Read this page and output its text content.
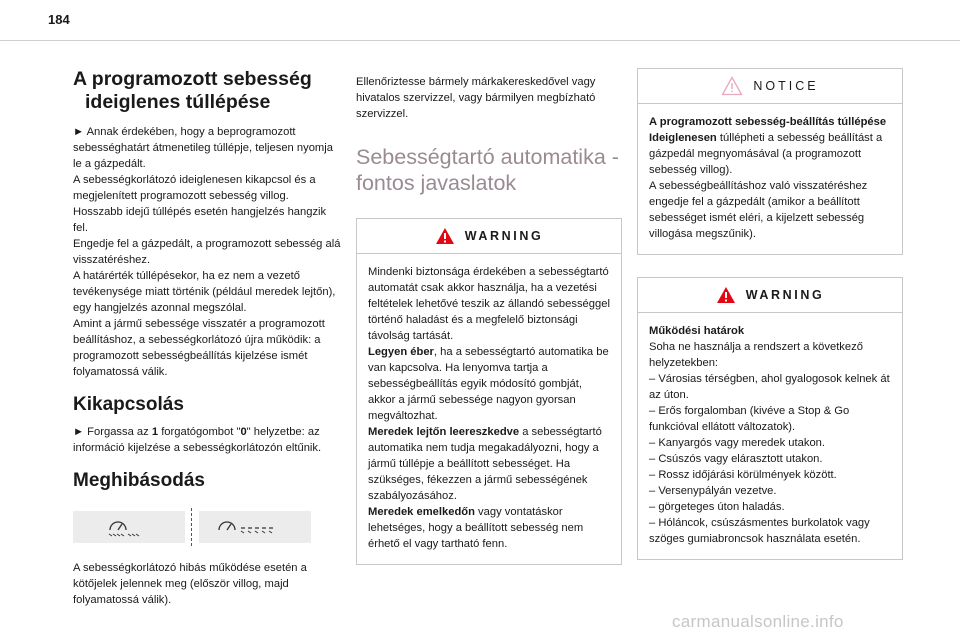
184
A programozott sebesség
ideiglenes túllépése

► Annak érdekében, hogy a beprogramozott sebességhatárt átmenetileg túllépje, teljesen nyomja le a gázpedált.

A sebességkorlátozó ideiglenesen kikapcsol és a megjelenített programozott sebesség villog.

Hosszabb idejű túllépés esetén hangjelzés hangzik fel.

Engedje fel a gázpedált, a programozott sebesség alá visszatéréshez.

A határérték túllépésekor, ha ez nem a vezető tevékenysége miatt történik (például meredek lejtőn), egy hangjelzés azonnal megszólal.

Amint a jármű sebessége visszatér a programozott beállításhoz, a sebességkorlátozó újra működik: a programozott sebességbeállítás kijelzése ismét folyamatossá válik.

Kikapcsolás

► Forgassa az 1 forgatógombot "0" helyzetbe: az információ kijelzése a sebességkorlátozón eltűnik.

Meghibásodás

A sebességkorlátozó hibás működése esetén a kötőjelek jelennek meg (először villog, majd folyamatossá válik).

Ellenőriztesse bármely márkakereskedővel vagy hivatalos szervizzel, vagy bármilyen megbízható szervizzel.

Sebességtartó automatika - fontos javaslatok
WARNING

Mindenki biztonsága érdekében a sebességtartó automatát csak akkor használja, ha a vezetési feltételek lehetővé teszik az állandó sebességgel történő haladást és a megfelelő biztonsági távolság tartását.

Legyen éber, ha a sebességtartó automatika be van kapcsolva. Ha lenyomva tartja a sebességbeállítás egyik módosító gombját, akkor a jármű sebessége nagyon gyorsan megváltozhat.

Meredek lejtőn leereszkedve a sebességtartó automatika nem tudja megakadályozni, hogy a jármű túllépje a beállított sebességet. Ha szükséges, fékezzen a jármű sebességének szabályozásához.

Meredek emelkedőn vagy vontatáskor lehetséges, hogy a beállított sebesség nem érhető el vagy tartható fenn.

NOTICE

A programozott sebesség-beállítás túllépése

Ideiglenesen túllépheti a sebesség beállítást a gázpedál megnyomásával (a programozott sebesség villog).

A sebességbeállításhoz való visszatéréshez engedje fel a gázpedált (amikor a beállított sebességet ismét eléri, a kijelzett sebesség villogása megszűnik).

WARNING

Működési határok

Soha ne használja a rendszert a következő helyzetekben:

– Városias térségben, ahol gyalogosok kelnek át az úton.

– Erős forgalomban (kivéve a Stop & Go funkcióval ellátott változatok).

– Kanyargós vagy meredek utakon.

– Csúszós vagy elárasztott utakon.

– Rossz időjárási körülmények között.

– Versenypályán vezetve.

– görgeteges úton haladás.

– Hóláncok, csúszásmentes burkolatok vagy szöges gumiabroncsok használata esetén.

carmanualsonline.info
